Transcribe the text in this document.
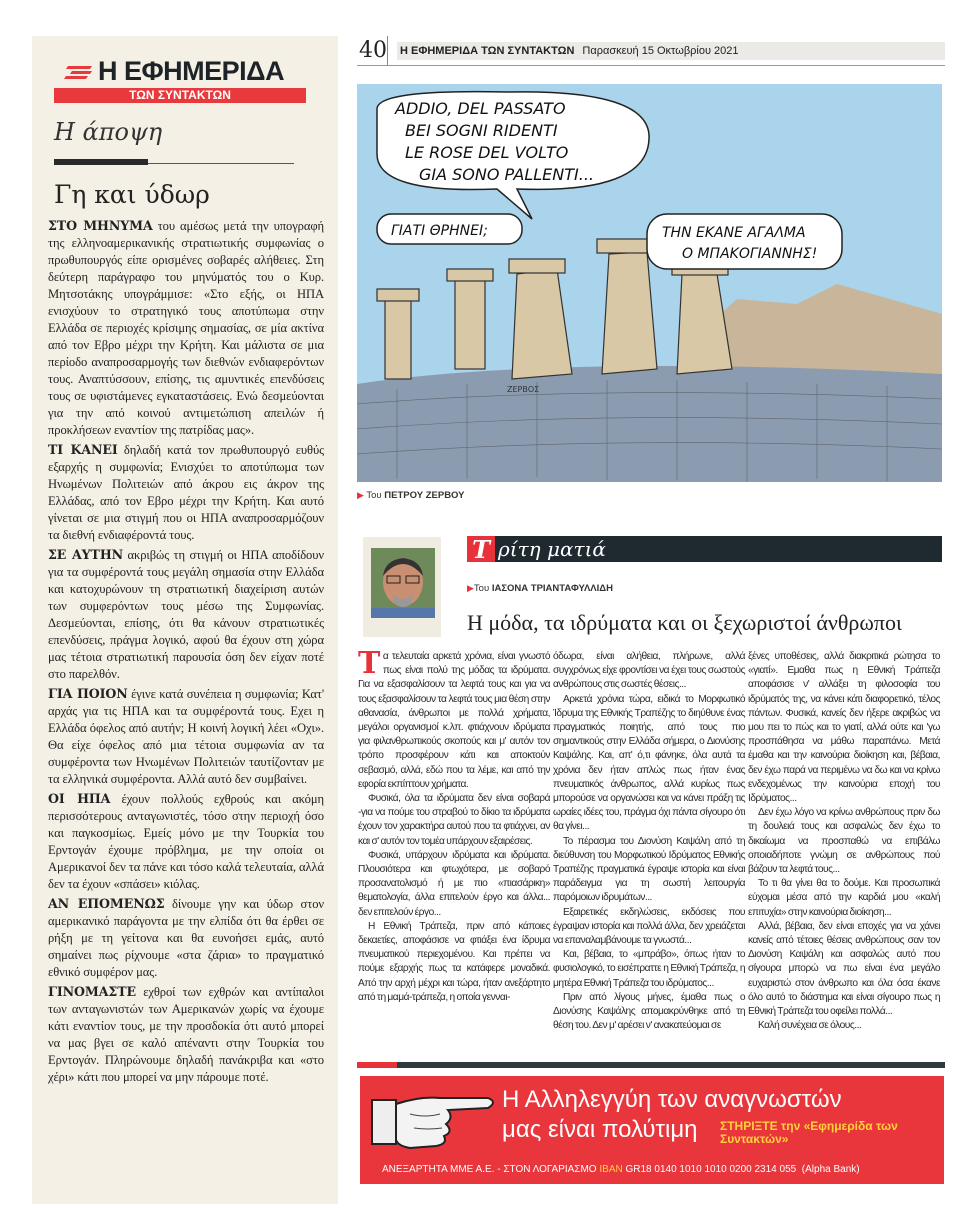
Η ΕΦΗΜΕΡΙΔΑ
ΤΩΝ ΣΥΝΤΑΚΤΩΝ
Η άποψη
Γη και ύδωρ

ΣΤΟ ΜΗΝΥΜΑ του αμέσως μετά την υπογραφή της ελληνοαμερικανικής στρατιωτικής συμφωνίας ο πρωθυπουργός είπε ορισμένες σοβαρές αλήθειες. Στη δεύτερη παράγραφο του μηνύματός του ο Κυρ. Μητσοτάκης υπογράμμισε: «Στο εξής, οι ΗΠΑ ενισχύουν το στρατηγικό τους αποτύπωμα στην Ελλάδα σε περιοχές κρίσιμης σημασίας, σε μία ακτίνα από τον Εβρο μέχρι την Κρήτη. Και μάλιστα σε μια περίοδο αναπροσαρμογής των διεθνών ενδιαφερόντων τους. Αναπτύσσουν, επίσης, τις αμυντικές επενδύσεις τους σε υφιστάμενες εγκαταστάσεις. Ενώ δεσμεύονται για την από κοινού αντιμετώπιση απειλών ή προκλήσεων εναντίον της πατρίδας μας».

ΤΙ ΚΑΝΕΙ δηλαδή κατά τον πρωθυπουργό ευθύς εξαρχής η συμφωνία; Ενισχύει το αποτύπωμα των Ηνωμένων Πολιτειών από άκρου εις άκρον της Ελλάδας, από τον Εβρο μέχρι την Κρήτη. Και αυτό γίνεται σε μια στιγμή που οι ΗΠΑ αναπροσαρμόζουν τα διεθνή ενδιαφέροντά τους.

ΣΕ ΑΥΤΗΝ ακριβώς τη στιγμή οι ΗΠΑ αποδίδουν για τα συμφέροντά τους μεγάλη σημασία στην Ελλάδα και κατοχυρώνουν τη στρατιωτική διαχείριση αυτών των συμφερόντων τους μέσω της Συμφωνίας. Δεσμεύονται, επίσης, ότι θα κάνουν στρατιωτικές επενδύσεις, πράγμα λογικό, αφού θα έχουν στη χώρα μας τέτοια στρατιωτική παρουσία όση δεν είχαν ποτέ στο παρελθόν.

ΓΙΑ ΠΟΙΟΝ έγινε κατά συνέπεια η συμφωνία; Κατ' αρχάς για τις ΗΠΑ και τα συμφέροντά τους. Εχει η Ελλάδα όφελος από αυτήν; Η κοινή λογική λέει «Οχι». Θα είχε όφελος από μια τέτοια συμφωνία αν τα συμφέροντα των Ηνωμένων Πολιτειών ταυτίζονταν με τα ελληνικά συμφέροντα. Αλλά αυτό δεν συμβαίνει.

ΟΙ ΗΠΑ έχουν πολλούς εχθρούς και ακόμη περισσότερους ανταγωνιστές, τόσο στην περιοχή όσο και παγκοσμίως. Εμείς μόνο με την Τουρκία του Ερντογάν έχουμε πρόβλημα, με την οποία οι Αμερικανοί δεν τα πάνε και τόσο καλά τελευταία, αλλά δεν τα έχουν «σπάσει» κιόλας.

ΑΝ ΕΠΟΜΕΝΩΣ δίνουμε γην και ύδωρ στον αμερικανικό παράγοντα με την ελπίδα ότι θα έρθει σε ρήξη με τη γείτονα και θα ευνοήσει εμάς, αυτό σημαίνει πως ρίχνουμε «στα ζάρια» το πραγματικό εθνικό συμφέρον μας.

ΓΙΝΟΜΑΣΤΕ εχθροί των εχθρών και αντίπαλοι των ανταγωνιστών των Αμερικανών χωρίς να έχουμε κάτι εναντίον τους, με την προσδοκία ότι αυτό μπορεί να μας βγει σε καλό απέναντι στην Τουρκία του Ερντογάν. Πληρώνουμε δηλαδή πανάκριβα και «στο χέρι» κάτι που μπορεί να μην πάρουμε ποτέ.

40 Η ΕΦΗΜΕΡΙΔΑ ΤΩΝ ΣΥΝΤΑΚΤΩΝ Παρασκευή 15 Οκτωβρίου 2021
ADDIO, DEL PASSATO
BEI SOGNI RIDENTI
LE ROSE DEL VOLTO
GIA SONO PALLENTI...
ΓΙΑΤΙ ΘΡΗΝΕΙ;	ΤΗΝ ΕΚΑΝΕ ΑΓΑΛΜΑ
Ο ΜΠΑΚΟΓΙΑΝΝΗΣ!
ΖΕΡΒΟΣ
▶ Του ΠΕΤΡΟΥ ΖΕΡΒΟΥ
Τ ρίτη ματιά
▶Του ΙΑΣΟΝΑ ΤΡΙΑΝΤΑΦΥΛΛΙΔΗ
Η μόδα, τα ιδρύματα και οι ξεχωριστοί άνθρωποι

Τα τελευταία αρκετά χρόνια, είναι γνωστό πως είναι πολύ της μόδας τα ιδρύματα. Για να εξασφαλίσουν τα λεφτά τους και για να τους εξασφαλίσουν τα λεφτά τους μια θέση στην αθανασία, άνθρωποι με πολλά χρήματα, μεγάλοι οργανισμοί κ.λπ. φτιάχνουν ιδρύματα για φιλανθρωπικούς σκοπούς και μ' αυτόν τον τρόπο προσφέρουν κάτι και αποκτούν σεβασμό, αλλά, εδώ που τα λέμε, και από την εφορία εκπίπτουν χρήματα.

Φυσικά, όλα τα ιδρύματα δεν είναι σοβαρά -για να πούμε του στραβού το δίκιο τα ιδρύματα έχουν τον χαρακτήρα αυτού που τα φτιάχνει, αν και σ' αυτόν τον τομέα υπάρχουν εξαιρέσεις.

Φυσικά, υπάρχουν ιδρύματα και ιδρύματα. Πλουσιότερα και φτωχότερα, με σοβαρό προσανατολισμό ή με πιο «πιασάρικη» θεματολογία, άλλα επιτελούν έργο και άλλα... δεν επιτελούν έργο...

Η Εθνική Τράπεζα, πριν από κάποιες δεκαετίες, αποφάσισε να φτιάξει ένα ίδρυμα πνευματικού περιεχομένου. Και πρέπει να πούμε εξαρχής πως τα κατάφερε μοναδικά. Από την αρχή μέχρι και τώρα, ήταν ανεξάρτητο από τη μαμά-τράπεζα, η οποία γενναι-

όδωρα, είναι αλήθεια, πλήρωνε, αλλά συγχρόνως είχε φροντίσει να έχει τους σωστούς ανθρώπους στις σωστές θέσεις...

Αρκετά χρόνια τώρα, ειδικά το Μορφωτικό Ίδρυμα της Εθνικής Τραπέζης το διηύθυνε ένας πραγματικός ποιητής, από τους πιο σημαντικούς στην Ελλάδα σήμερα, ο Διονύσης Καψάλης. Και, απ' ό,τι φάνηκε, όλα αυτά τα χρόνια δεν ήταν απλώς πως ήταν ένας πνευματικός άνθρωπος, αλλά κυρίως πως μπορούσε να οργανώσει και να κάνει πράξη τις ωραίες ιδέες του, πράγμα όχι πάντα σίγουρο ότι θα γίνει...

Το πέρασμα του Διονύση Καψάλη από τη διεύθυνση του Μορφωτικού Ιδρύματος Εθνικής Τραπέζης πραγματικά έγραψε ιστορία και είναι παράδειγμα για τη σωστή λειτουργία παρόμοιων ιδρυμάτων...

Εξαιρετικές εκδηλώσεις, εκδόσεις που έγραψαν ιστορία και πολλά άλλα, δεν χρειάζεται να επαναλαμβάνουμε τα γνωστά...

Και, βέβαια, το «μπράβο», όπως ήταν το φυσιολογικό, το εισέπραττε η Εθνική Τράπεζα, η μητέρα Εθνική Τράπεζα του ιδρύματος...

Πριν από λίγους μήνες, έμαθα πως ο Διονύσης Καψάλης απομακρύνθηκε από τη θέση του. Δεν μ' αρέσει ν' ανακατεύομαι σε

ξένες υποθέσεις, αλλά διακριτικά ρώτησα το «γιατί». Εμαθα πως η Εθνική Τράπεζα αποφάσισε ν' αλλάξει τη φιλοσοφία του ιδρύματός της, να κάνει κάτι διαφορετικό, τέλος πάντων. Φυσικά, κανείς δεν ήξερε ακριβώς να μου πει το πώς και το γιατί, αλλά ούτε και 'γω προσπάθησα να μάθω παραπάνω. Μετά έμαθα και την καινούρια διοίκηση και, βέβαια, δεν έχω παρά να περιμένω να δω και να κρίνω ενδεχομένως την καινούρια εποχή του Ιδρύματος...

Δεν έχω λόγο να κρίνω ανθρώπους πριν δω τη δουλειά τους και ασφαλώς δεν έχω το δικαίωμα να προσπαθώ να επιβάλω οποιαδήποτε γνώμη σε ανθρώπους πού βάζουν τα λεφτά τους...

Το τι θα γίνει θα το δούμε. Και προσωπικά εύχομαι μέσα από την καρδιά μου «καλή επιτυχία» στην καινούρια διοίκηση...

Αλλά, βέβαια, δεν είναι εποχές για να χάνει κανείς από τέτοιες θέσεις ανθρώπους σαν τον Διονύση Καψάλη και ασφαλώς αυτό που σίγουρα μπορώ να πω είναι ένα μεγάλο ευχαριστώ στον άνθρωπο και όλα όσα έκανε όλο αυτό το διάστημα και είναι σίγουρο πως η Εθνική Τράπεζα του οφείλει πολλά...

Καλή συνέχεια σε όλους...

Η Αλληλεγγύη των αναγνωστών
μας είναι πολύτιμη ΣΤΗΡΙΞΤΕ την «Εφημερίδα των Συντακτών»
ΑΝΕΞΑΡΤΗΤΑ ΜΜΕ Α.Ε. - ΣΤΟΝ ΛΟΓΑΡΙΑΣΜΟ IBAN GR18 0140 1010 1010 0200 2314 055 (Alpha Bank)
